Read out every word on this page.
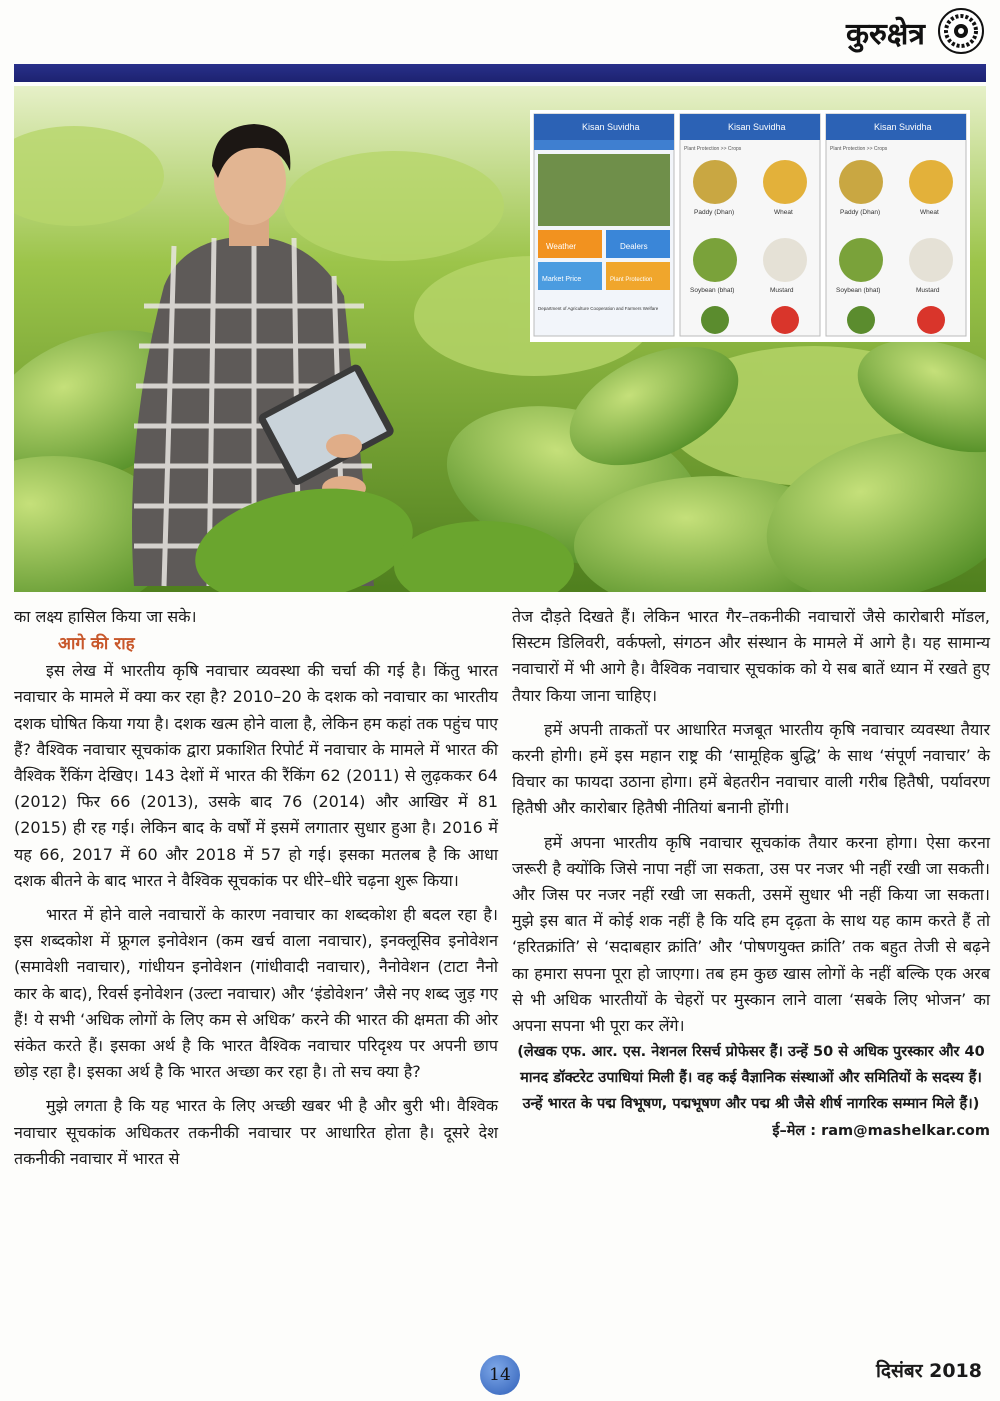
कुरुक्षेत्र
Kisan Suvidha
Weather	Dealers
Market Price	Plant Protection
Department of Agriculture Cooperation and Farmers Welfare
Kisan Suvidha
Plant Protection >> Crops
Paddy (Dhan)	Wheat
Soybean (bhat)	Mustard
Kisan Suvidha
Plant Protection >> Crops
Paddy (Dhan)	Wheat
Soybean (bhat)	Mustard

का लक्ष्य हासिल किया जा सके।

आगे की राह

इस लेख में भारतीय कृषि नवाचार व्यवस्था की चर्चा की गई है। किंतु भारत नवाचार के मामले में क्या कर रहा है? 2010–20 के दशक को नवाचार का भारतीय दशक घोषित किया गया है। दशक खत्म होने वाला है, लेकिन हम कहां तक पहुंच पाए हैं? वैश्विक नवाचार सूचकांक द्वारा प्रकाशित रिपोर्ट में नवाचार के मामले में भारत की वैश्विक रैंकिंग देखिए। 143 देशों में भारत की रैंकिंग 62 (2011) से लुढ़ककर 64 (2012) फिर 66 (2013), उसके बाद 76 (2014) और आखिर में 81 (2015) ही रह गई। लेकिन बाद के वर्षों में इसमें लगातार सुधार हुआ है। 2016 में यह 66, 2017 में 60 और 2018 में 57 हो गई। इसका मतलब है कि आधा दशक बीतने के बाद भारत ने वैश्विक सूचकांक पर धीरे–धीरे चढ़ना शुरू किया।

भारत में होने वाले नवाचारों के कारण नवाचार का शब्दकोश ही बदल रहा है। इस शब्दकोश में फ्रूगल इनोवेशन (कम खर्च वाला नवाचार), इनक्लूसिव इनोवेशन (समावेशी नवाचार), गांधीयन इनोवेशन (गांधीवादी नवाचार), नैनोवेशन (टाटा नैनो कार के बाद), रिवर्स इनोवेशन (उल्टा नवाचार) और ‘इंडोवेशन’ जैसे नए शब्द जुड़ गए हैं! ये सभी ‘अधिक लोगों के लिए कम से अधिक’ करने की भारत की क्षमता की ओर संकेत करते हैं। इसका अर्थ है कि भारत वैश्विक नवाचार परिदृश्य पर अपनी छाप छोड़ रहा है। इसका अर्थ है कि भारत अच्छा कर रहा है। तो सच क्या है?

मुझे लगता है कि यह भारत के लिए अच्छी खबर भी है और बुरी भी। वैश्विक नवाचार सूचकांक अधिकतर तकनीकी नवाचार पर आधारित होता है। दूसरे देश तकनीकी नवाचार में भारत से

तेज दौड़ते दिखते हैं। लेकिन भारत गैर–तकनीकी नवाचारों जैसे कारोबारी मॉडल, सिस्टम डिलिवरी, वर्कफ्लो, संगठन और संस्थान के मामले में आगे है। यह सामान्य नवाचारों में भी आगे है। वैश्विक नवाचार सूचकांक को ये सब बातें ध्यान में रखते हुए तैयार किया जाना चाहिए।

हमें अपनी ताकतों पर आधारित मजबूत भारतीय कृषि नवाचार व्यवस्था तैयार करनी होगी। हमें इस महान राष्ट्र की ‘सामूहिक बुद्धि’ के साथ ‘संपूर्ण नवाचार’ के विचार का फायदा उठाना होगा। हमें बेहतरीन नवाचार वाली गरीब हितैषी, पर्यावरण हितैषी और कारोबार हितैषी नीतियां बनानी होंगी।

हमें अपना भारतीय कृषि नवाचार सूचकांक तैयार करना होगा। ऐसा करना जरूरी है क्योंकि जिसे नापा नहीं जा सकता, उस पर नजर भी नहीं रखी जा सकती। और जिस पर नजर नहीं रखी जा सकती, उसमें सुधार भी नहीं किया जा सकता। मुझे इस बात में कोई शक नहीं है कि यदि हम दृढ़ता के साथ यह काम करते हैं तो ‘हरितक्रांति’ से ‘सदाबहार क्रांति’ और ‘पोषणयुक्त क्रांति’ तक बहुत तेजी से बढ़ने का हमारा सपना पूरा हो जाएगा। तब हम कुछ खास लोगों के नहीं बल्कि एक अरब से भी अधिक भारतीयों के चेहरों पर मुस्कान लाने वाला ‘सबके लिए भोजन’ का अपना सपना भी पूरा कर लेंगे।

(लेखक एफ. आर. एस. नेशनल रिसर्च प्रोफेसर हैं। उन्हें 50 से अधिक पुरस्कार और 40 मानद डॉक्टरेट उपाधियां मिली हैं। वह कई वैज्ञानिक संस्थाओं और समितियों के सदस्य हैं। उन्हें भारत के पद्म विभूषण, पद्मभूषण और पद्म श्री जैसे शीर्ष नागरिक सम्मान मिले हैं।)

ई–मेल : ram@mashelkar.com

14	दिसंबर 2018
